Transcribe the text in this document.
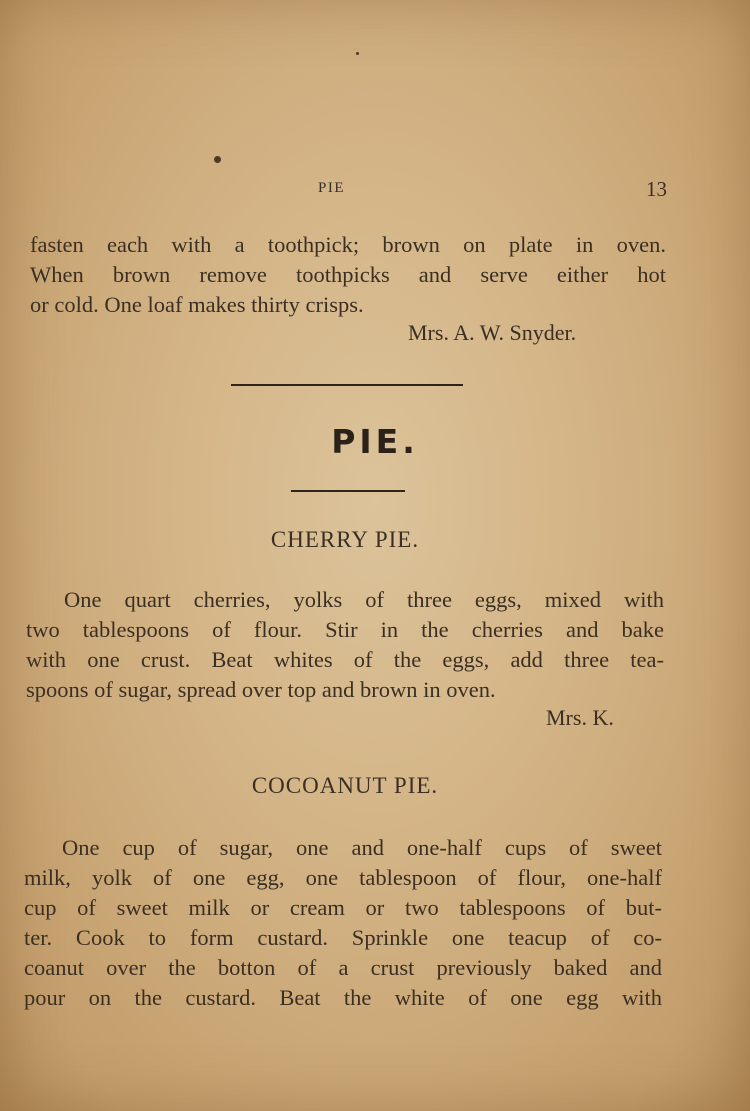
PIE	13
fasten each with a toothpick; brown on plate in oven.
When brown remove toothpicks and serve either hot
or cold. One loaf makes thirty crisps.
Mrs. A. W. Snyder.
PIE.
CHERRY PIE.
One quart cherries, yolks of three eggs, mixed with
two tablespoons of flour. Stir in the cherries and bake
with one crust. Beat whites of the eggs, add three tea-
spoons of sugar, spread over top and brown in oven.
Mrs. K.
COCOANUT PIE.
One cup of sugar, one and one-half cups of sweet
milk, yolk of one egg, one tablespoon of flour, one-half
cup of sweet milk or cream or two tablespoons of but-
ter. Cook to form custard. Sprinkle one teacup of co-
coanut over the botton of a crust previously baked and
pour on the custard. Beat the white of one egg with
